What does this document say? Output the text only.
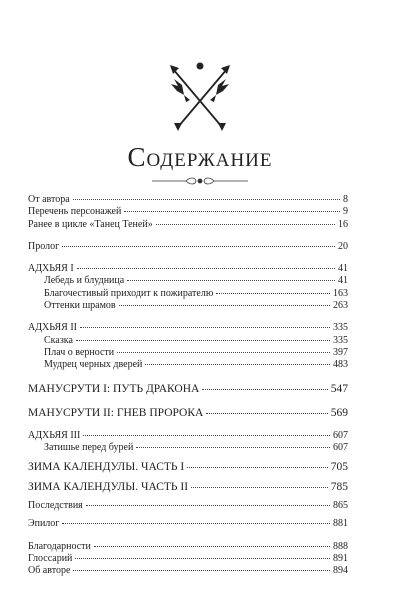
Содержание
От автора	8
Перечень персонажей	9
Ранее в цикле «Танец Теней»	16
Пролог	20
АДХЬЯЯ I	41
Лебедь и блудница	41
Благочестивый приходит к пожирателю	163
Оттенки шрамов	263
АДХЬЯЯ II	335
Сказка	335
Плач о верности	397
Мудрец черных дверей	483
МАНУСРУТИ I: ПУТЬ ДРАКОНА	547
МАНУСРУТИ II: ГНЕВ ПРОРОКА	569
АДХЬЯЯ III	607
Затишье перед бурей	607
ЗИМА КАЛЕНДУЛЫ. ЧАСТЬ I	705
ЗИМА КАЛЕНДУЛЫ. ЧАСТЬ II	785
Последствия	865
Эпилог	881
Благодарности	888
Глоссарий	891
Об авторе	894
